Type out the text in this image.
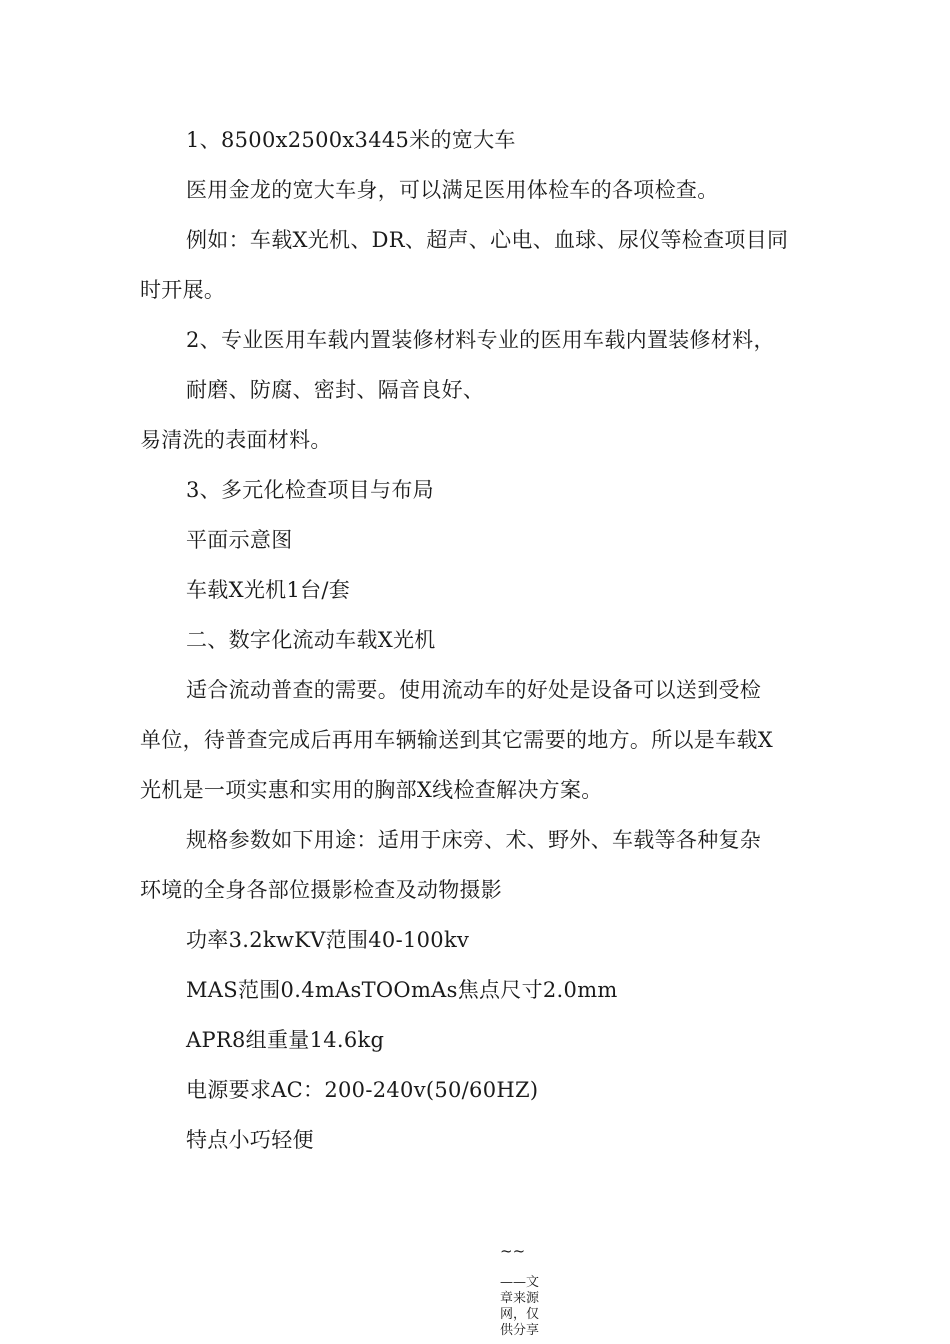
1、8500x2500x3445米的宽大车
医用金龙的宽大车身，可以满足医用体检车的各项检查。
例如：车载X光机、DR、超声、心电、血球、尿仪等检查项目同
时开展。
2、专业医用车载内置装修材料专业的医用车载内置装修材料，
耐磨、防腐、密封、隔音良好、
易清洗的表面材料。
3、多元化检查项目与布局
平面示意图
车载X光机1台/套
二、数字化流动车载X光机
适合流动普查的需要。使用流动车的好处是设备可以送到受检
单位，待普查完成后再用车辆输送到其它需要的地方。所以是车载X
光机是一项实惠和实用的胸部X线检查解决方案。
规格参数如下用途：适用于床旁、术、野外、车载等各种复杂
环境的全身各部位摄影检查及动物摄影
功率3.2kwKV范围40-100kv
MAS范围0.4mAsTOOmAs焦点尺寸2.0mm
APR8组重量14.6kg
电源要求AC：200-240v(50/60HZ)
特点小巧轻便
~~
——文章来源网，仅供分享
